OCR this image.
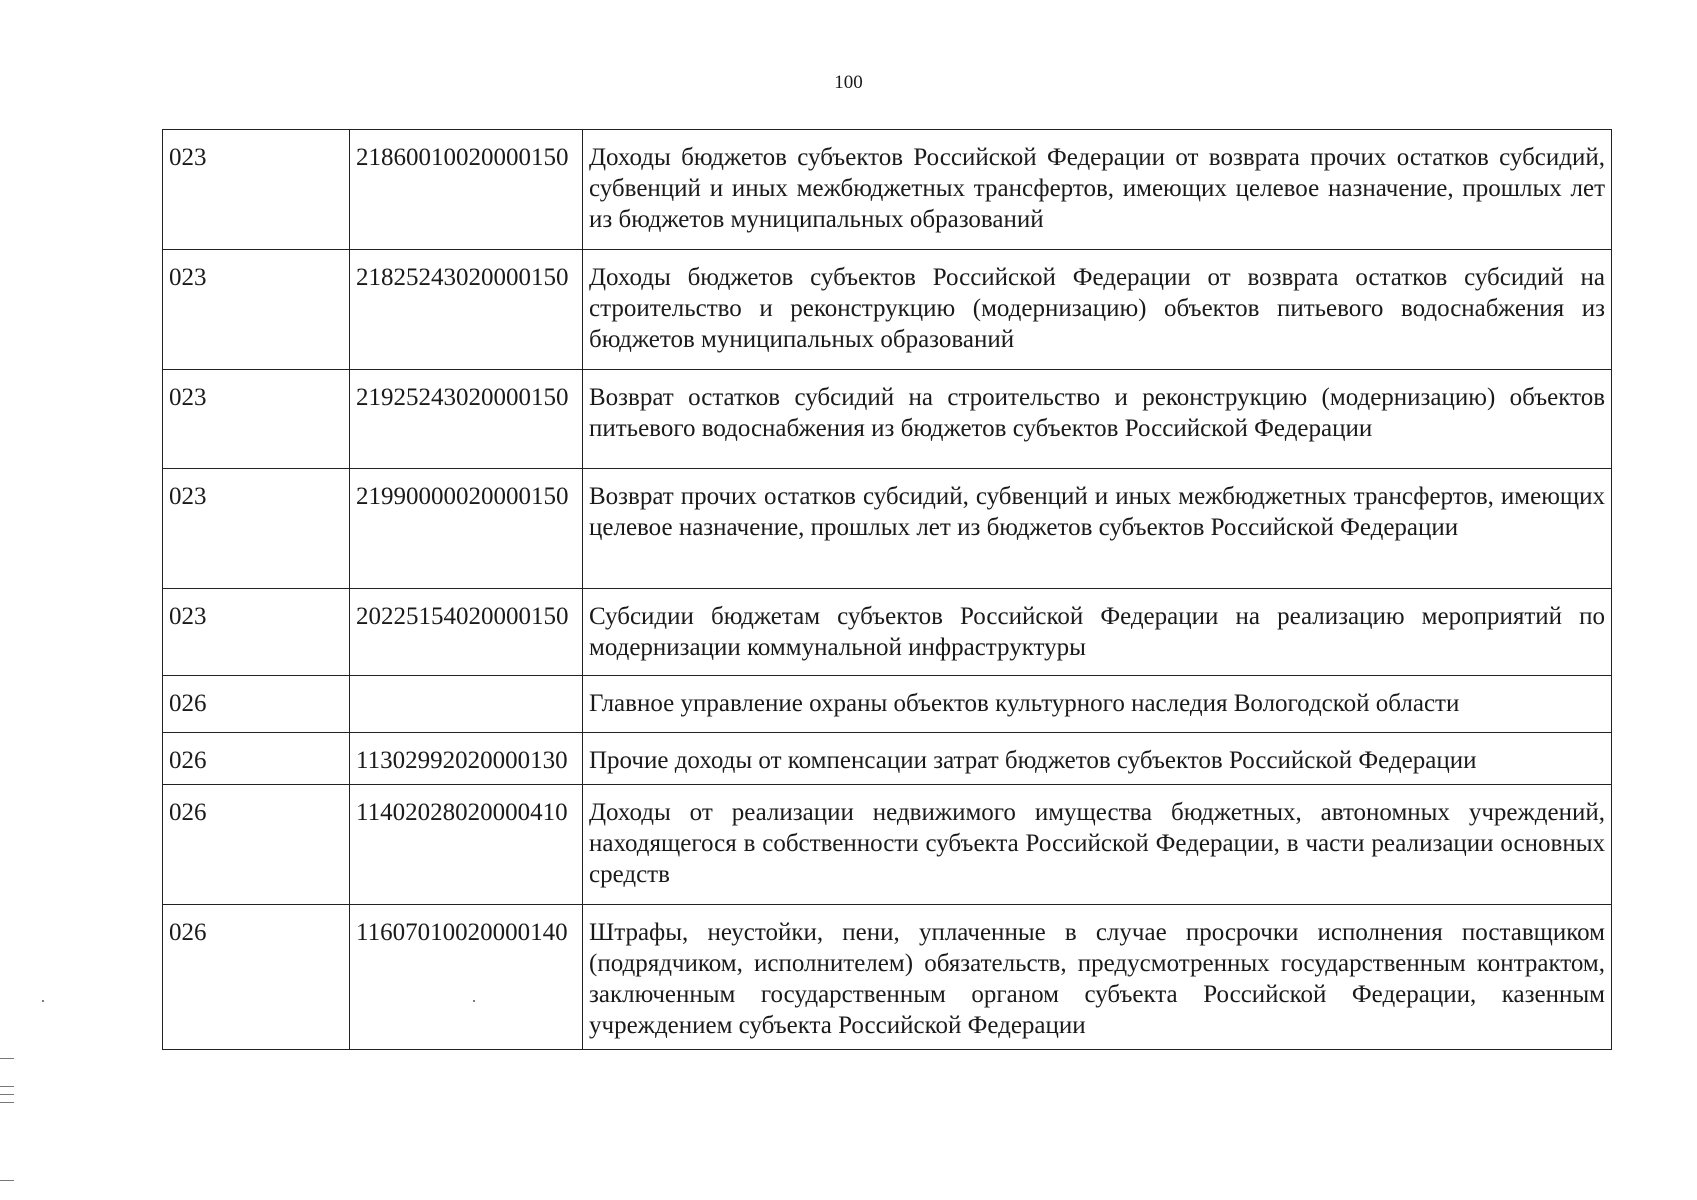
100
023	21860010020000150	Доходы бюджетов субъектов Российской Федерации от возврата прочих остатков субсидий, субвенций и иных межбюджетных трансфертов, имеющих целевое назначение, прошлых лет из бюджетов муниципальных образований
023	21825243020000150	Доходы бюджетов субъектов Российской Федерации от возврата остатков субсидий на строительство и реконструкцию (модернизацию) объектов питьевого водоснабжения из бюджетов муниципальных образований
023	21925243020000150	Возврат остатков субсидий на строительство и реконструкцию (модернизацию) объектов питьевого водоснабжения из бюджетов субъектов Российской Федерации
023	21990000020000150	Возврат прочих остатков субсидий, субвенций и иных межбюджетных трансфертов, имеющих целевое назначение, прошлых лет из бюджетов субъектов Российской Федерации
023	20225154020000150	Субсидии бюджетам субъектов Российской Федерации на реализацию мероприятий по модернизации коммунальной инфраструктуры
026		Главное управление охраны объектов культурного наследия Вологодской области
026	11302992020000130	Прочие доходы от компенсации затрат бюджетов субъектов Российской Федерации
026	11402028020000410	Доходы от реализации недвижимого имущества бюджетных, автономных учреждений, находящегося в собственности субъекта Российской Федерации, в части реализации основных средств
026	11607010020000140	Штрафы, неустойки, пени, уплаченные в случае просрочки исполнения поставщиком (подрядчиком, исполнителем) обязательств, предусмотренных государственным контрактом, заключенным государственным органом субъекта Российской Федерации, казенным учреждением субъекта Российской Федерации
